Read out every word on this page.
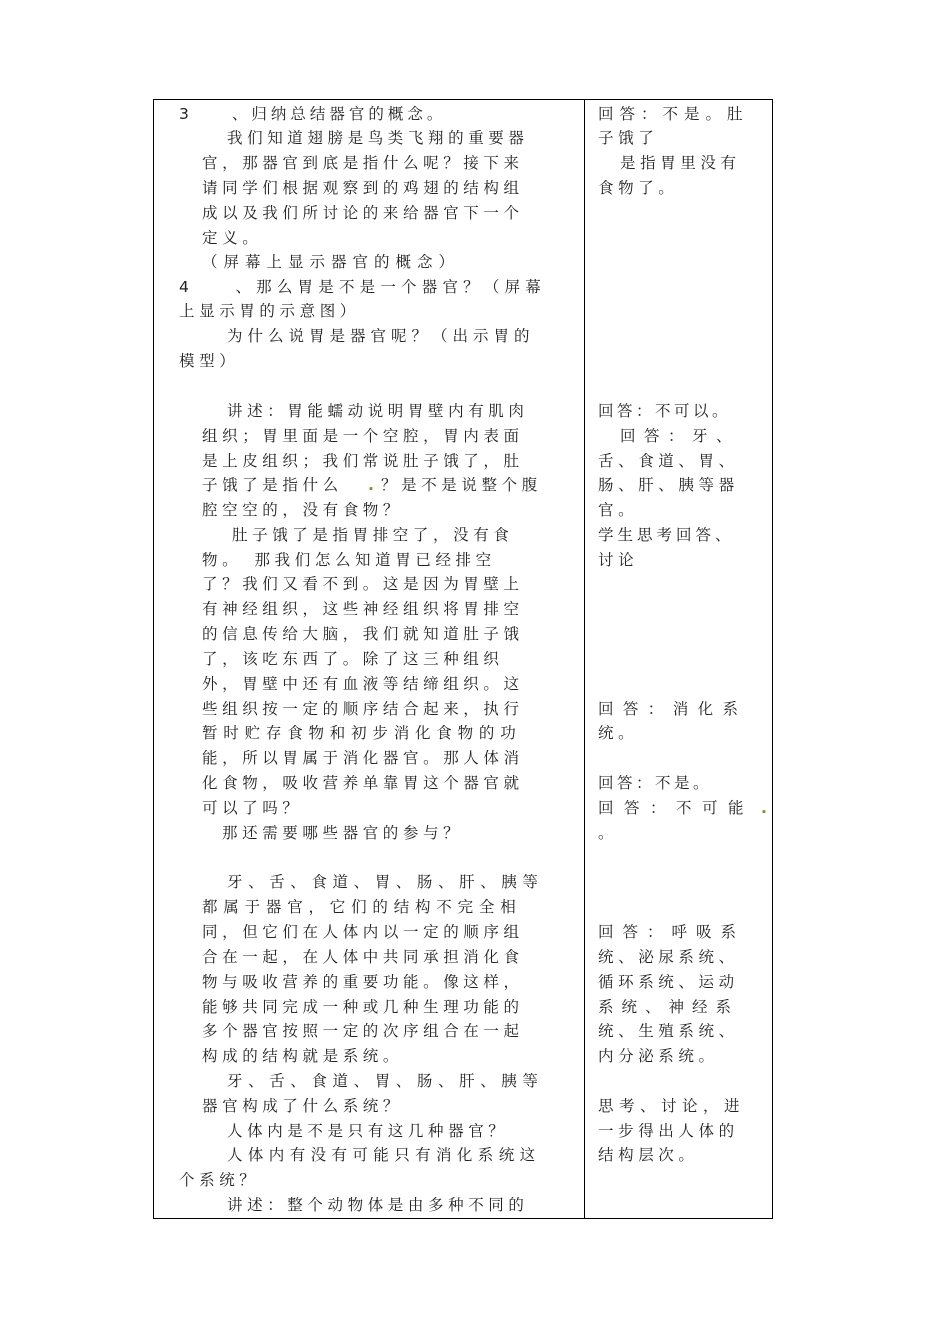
3　　、归纳总结器官的概念。
我们知道翅膀是鸟类飞翔的重要器
官，那器官到底是指什么呢？接下来
请同学们根据观察到的鸡翅的结构组
成以及我们所讨论的来给器官下一个
定义。
（屏幕上显示器官的概念）
4　　、那么胃是不是一个器官？（屏幕
上显示胃的示意图）
为什么说胃是器官呢？（出示胃的
模型）
讲述：胃能蠕动说明胃壁内有肌肉
组织；胃里面是一个空腔，胃内表面
是上皮组织；我们常说肚子饿了，肚
子饿了是指什么 . ？是不是说整个腹
腔空空的，没有食物？
肚子饿了是指胃排空了，没有食
物。　那我们怎么知道胃已经排空
了？我们又看不到。这是因为胃壁上
有神经组织，这些神经组织将胃排空
的信息传给大脑，我们就知道肚子饿
了，该吃东西了。除了这三种组织
外，胃壁中还有血液等结缔组织。这
些组织按一定的顺序结合起来，执行
暂时贮存食物和初步消化食物的功
能，所以胃属于消化器官。那人体消
化食物，吸收营养单靠胃这个器官就
可以了吗？
那还需要哪些器官的参与？
牙、舌、食道、胃、肠、肝、胰等
都属于器官，它们的结构不完全相
同，但它们在人体内以一定的顺序组
合在一起，在人体中共同承担消化食
物与吸收营养的重要功能。像这样，
能够共同完成一种或几种生理功能的
多个器官按照一定的次序组合在一起
构成的结构就是系统。
牙、舌、食道、胃、肠、肝、胰等
器官构成了什么系统？
人体内是不是只有这几种器官？
人体内有没有可能只有消化系统这
个系统？
讲述：整个动物体是由多种不同的
回答：不是。肚
子饿了
是指胃里没有
食物了。
回答：不可以。
回答：牙、
舌、食道、胃、
肠、肝、胰等器
官。
学生思考回答、
讨论
回答：消化系
统。
回答：不是。
回答：不可能 .
。
回答：呼吸系
统、泌尿系统、
循环系统、运动
系统、神经系
统、生殖系统、
内分泌系统。
思考、讨论，进
一步得出人体的
结构层次。
